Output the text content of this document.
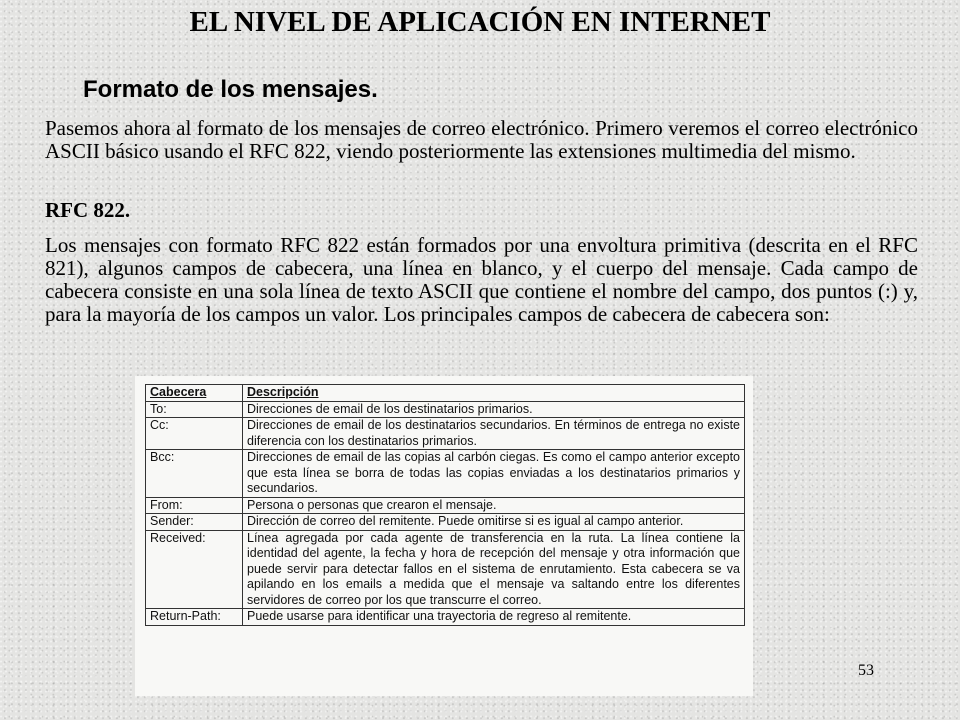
EL NIVEL DE APLICACIÓN EN INTERNET
Formato de los mensajes.

Pasemos ahora al formato de los mensajes de correo electrónico. Primero veremos el correo electrónico ASCII básico usando el RFC 822, viendo posteriormente las extensiones multimedia del mismo.

RFC 822.

Los mensajes con formato RFC 822 están formados por una envoltura primitiva (descrita en el RFC 821), algunos campos de cabecera, una línea en blanco, y el cuerpo del mensaje. Cada campo de cabecera consiste en una sola línea de texto ASCII que contiene el nombre del campo, dos puntos (:) y, para la mayoría de los campos un valor. Los principales campos de cabecera de cabecera son:

Cabecera	Descripción
To:	Direcciones de email de los destinatarios primarios.
Cc:	Direcciones de email de los destinatarios secundarios. En términos de entrega no existe diferencia con los destinatarios primarios.
Bcc:	Direcciones de email de las copias al carbón ciegas. Es como el campo anterior excepto que esta línea se borra de todas las copias enviadas a los destinatarios primarios y secundarios.
From:	Persona o personas que crearon el mensaje.
Sender:	Dirección de correo del remitente. Puede omitirse si es igual al campo anterior.
Received:	Línea agregada por cada agente de transferencia en la ruta. La línea contiene la identidad del agente, la fecha y hora de recepción del mensaje y otra información que puede servir para detectar fallos en el sistema de enrutamiento. Esta cabecera se va apilando en los emails a medida que el mensaje va saltando entre los diferentes servidores de correo por los que transcurre el correo.
Return-Path:	Puede usarse para identificar una trayectoria de regreso al remitente.
53
